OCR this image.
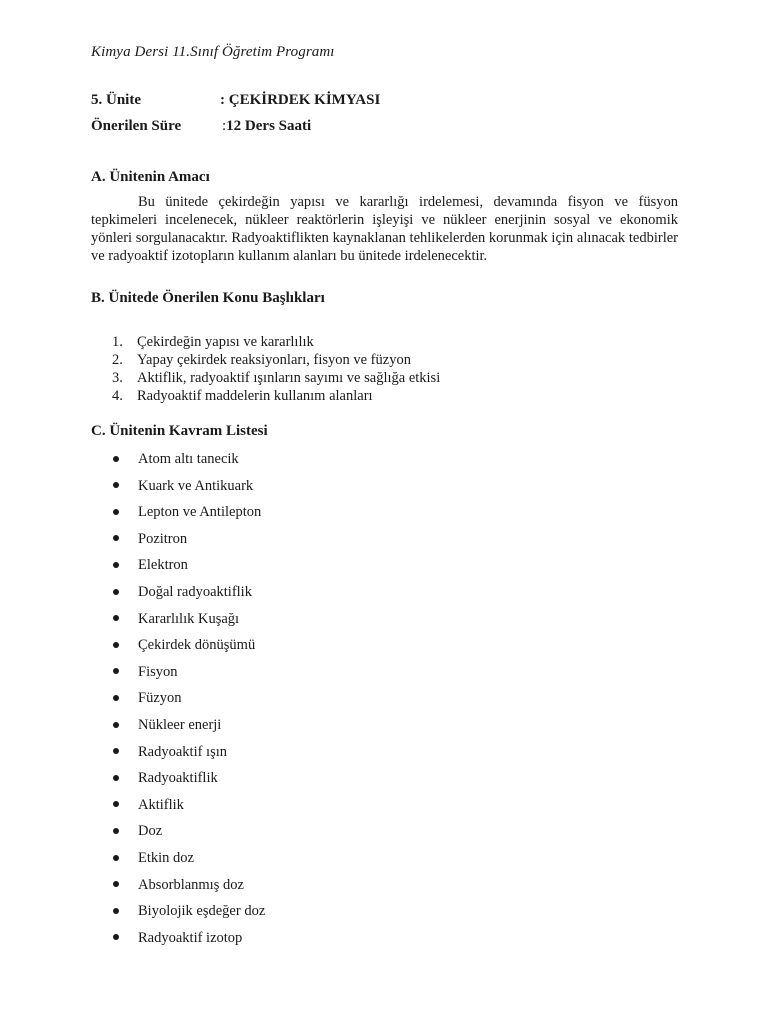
Kimya Dersi 11.Sınıf Öğretim Programı
5. Ünite	: ÇEKİRDEK KİMYASI
Önerilen Süre	:12 Ders Saati
A. Ünitenin Amacı
Bu ünitede çekirdeğin yapısı ve kararlığı irdelemesi, devamında fisyon ve füsyon tepkimeleri incelenecek, nükleer reaktörlerin işleyişi ve nükleer enerjinin sosyal ve ekonomik yönleri sorgulanacaktır. Radyoaktiflikten kaynaklanan tehlikelerden korunmak için alınacak tedbirler ve radyoaktif izotopların kullanım alanları bu ünitede irdelenecektir.
B. Ünitede Önerilen Konu Başlıkları
1. Çekirdeğin yapısı ve kararlılık
2. Yapay çekirdek reaksiyonları, fisyon ve füzyon
3. Aktiflik, radyoaktif ışınların sayımı ve sağlığa etkisi
4. Radyoaktif maddelerin kullanım alanları
C. Ünitenin Kavram Listesi
Atom altı tanecik
Kuark ve Antikuark
Lepton ve Antilepton
Pozitron
Elektron
Doğal radyoaktiflik
Kararlılık Kuşağı
Çekirdek dönüşümü
Fisyon
Füzyon
Nükleer enerji
Radyoaktif ışın
Radyoaktiflik
Aktiflik
Doz
Etkin doz
Absorblanmış doz
Biyolojik eşdeğer doz
Radyoaktif izotop
